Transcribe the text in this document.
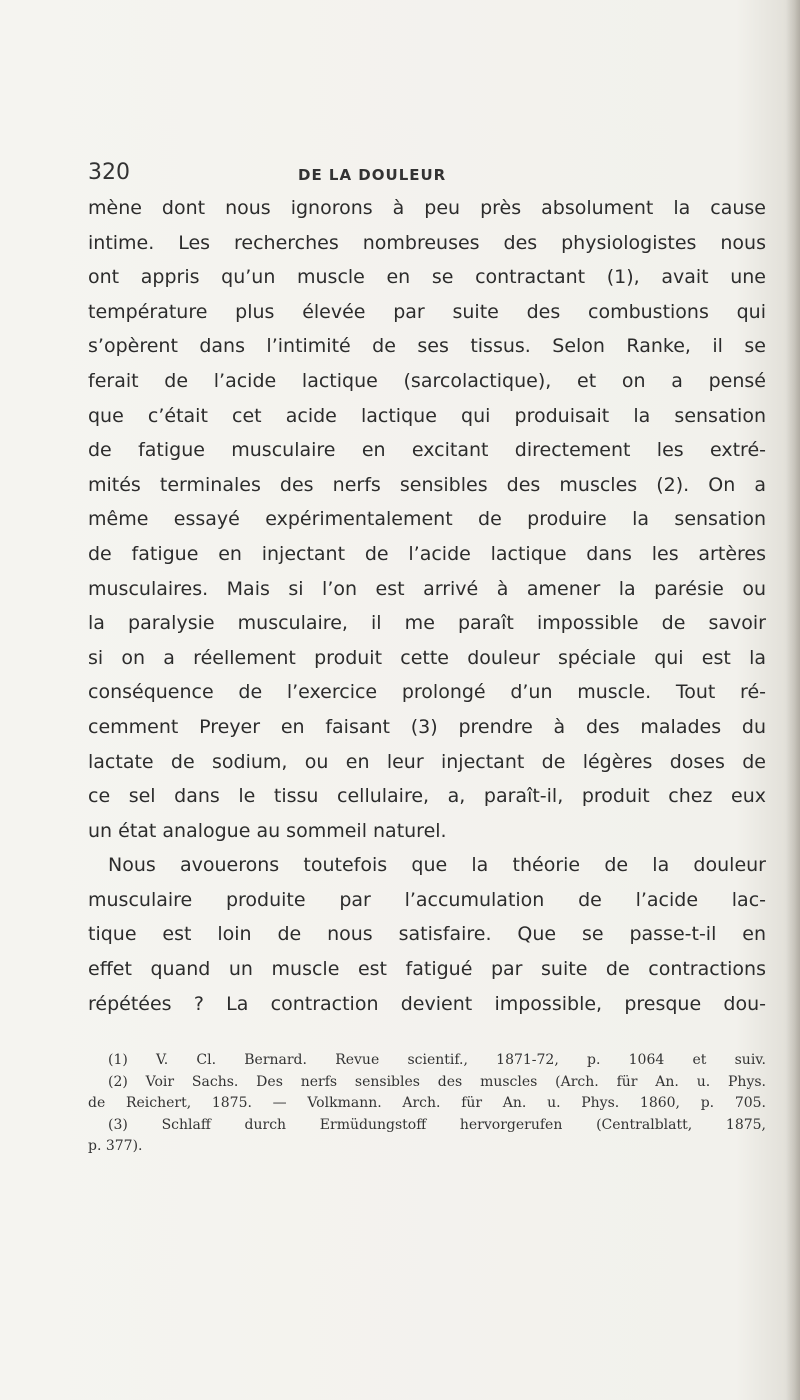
320	DE LA DOULEUR
mène dont nous ignorons à peu près absolument la cause
intime. Les recherches nombreuses des physiologistes nous
ont appris qu’un muscle en se contractant (1), avait une
température plus élevée par suite des combustions qui
s’opèrent dans l’intimité de ses tissus. Selon Ranke, il se
ferait de l’acide lactique (sarcolactique), et on a pensé
que c’était cet acide lactique qui produisait la sensation
de fatigue musculaire en excitant directement les extré-
mités terminales des nerfs sensibles des muscles (2). On a
même essayé expérimentalement de produire la sensation
de fatigue en injectant de l’acide lactique dans les artères
musculaires. Mais si l’on est arrivé à amener la parésie ou
la paralysie musculaire, il me paraît impossible de savoir
si on a réellement produit cette douleur spéciale qui est la
conséquence de l’exercice prolongé d’un muscle. Tout ré-
cemment Preyer en faisant (3) prendre à des malades du
lactate de sodium, ou en leur injectant de légères doses de
ce sel dans le tissu cellulaire, a, paraît-il, produit chez eux
un état analogue au sommeil naturel.
Nous avouerons toutefois que la théorie de la douleur
musculaire produite par l’accumulation de l’acide lac-
tique est loin de nous satisfaire. Que se passe-t-il en
effet quand un muscle est fatigué par suite de contractions
répétées ? La contraction devient impossible, presque dou-
(1) V. Cl. Bernard. Revue scientif., 1871-72, p. 1064 et suiv.
(2) Voir Sachs. Des nerfs sensibles des muscles (Arch. für An. u. Phys.
de Reichert, 1875. — Volkmann. Arch. für An. u. Phys. 1860, p. 705.
(3) Schlaff durch Ermüdungstoff hervorgerufen (Centralblatt, 1875,
p. 377).
